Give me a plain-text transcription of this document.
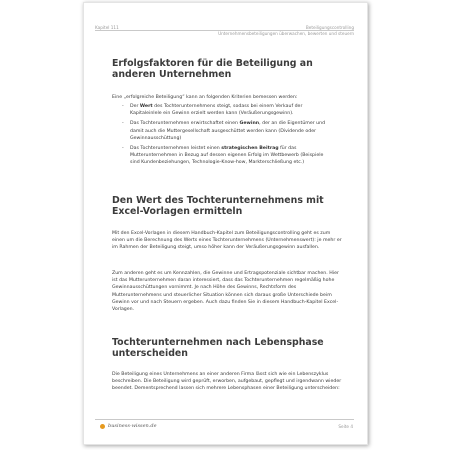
Kapitel 111	Beteiligungscontrolling
Unternehmensbeteiligungen überwachen, bewerten und steuern
Erfolgsfaktoren für die Beteiligung an anderen Unternehmen

Eine „erfolgreiche Beteiligung“ kann an folgenden Kriterien bemessen werden:

- Der Wert des Tochterunternehmens steigt, sodass bei einem Verkauf der Kapitaleinlele ein Gewinn erzielt werden kann (Veräußerungsgewinn).
- Das Tochterunternehmen erwirtschaftet einen Gewinn, der an die Eigentümer und damit auch die Muttergesellschaft ausgeschüttet werden kann (Dividende oder Gewinnausschüttung)
- Das Tochterunternehmen leistet einen strategischen Beitrag für das Mutterunternehmen in Bezug auf dessen eigenen Erfolg im Wettbewerb (Beispiele sind Kundenbeziehungen, Technologie-Know-how, Markterschließung etc.)
Den Wert des Tochterunternehmens mit Excel-Vorlagen ermitteln

Mit den Excel-Vorlagen in diesem Handbuch-Kapitel zum Beteiligungscontrolling geht es zum einen um die Berechnung des Werts eines Tochterunternehmens (Unternehmenswert): je mehr er im Rahmen der Beteiligung steigt, umso höher kann der Veräußerungsgewinn ausfallen.

Zum anderen geht es um Kennzahlen, die Gewinne und Ertragspotenziale sichtbar machen. Hier ist das Mutterunternehmen daran interessiert, dass das Tochterunternehmen regelmäßig hohe Gewinnausschüttungen vornimmt. Je nach Höhe des Gewinns, Rechtsform des Mutterunternehmens und steuerlicher Situation können sich daraus große Unterschiede beim Gewinn vor und nach Steuern ergeben. Auch dazu finden Sie in diesem Handbuch-Kapitel Excel-Vorlagen.

Tochterunternehmen nach Lebensphase unterscheiden

Die Beteiligung eines Unternehmens an einer anderen Firma lässt sich wie ein Lebenszyklus beschreiben. Die Beteiligung wird geprüft, erworben, aufgebaut, gepflegt und irgendwann wieder beendet. Dementsprechend lassen sich mehrere Lebensphasen einer Beteiligung unterscheiden:

business-wissen.de	Seite 4
